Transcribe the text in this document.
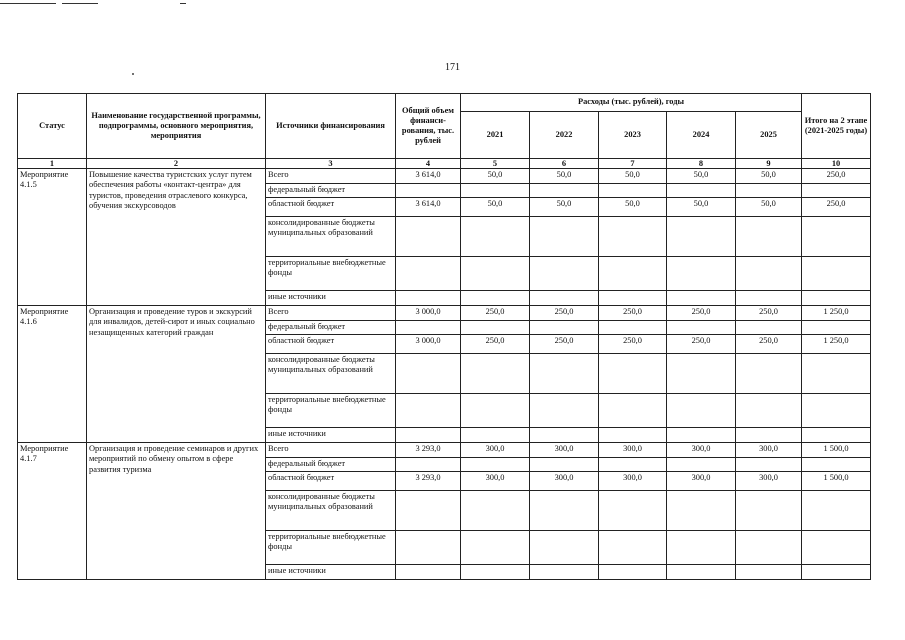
171
Статус	Наименование государственной программы, подпрограммы, основного мероприятия, мероприятия	Источники финансирования	Общий объем финанси-рования, тыс. рублей	Расходы (тыс. рублей), годы					Итого на 2 этапе (2021-2025 годы)
				2021	2022	2023	2024	2025	
1	2	3	4	5	6	7	8	9	10
Мероприятие 4.1.5	Повышение качества туристских услуг путем обеспечения работы «контакт-центра» для туристов, проведения отраслевого конкурса, обучения экскурсоводов	Всего	3 614,0	50,0	50,0	50,0	50,0	50,0	250,0
		федеральный бюджет							
		областной бюджет	3 614,0	50,0	50,0	50,0	50,0	50,0	250,0
		консолидированные бюджеты муниципальных образований							
		территориальные внебюджетные фонды							
		иные источники							
Мероприятие 4.1.6	Организация и проведение туров и экскурсий для инвалидов, детей-сирот и иных социально незащищенных категорий граждан	Всего	3 000,0	250,0	250,0	250,0	250,0	250,0	1 250,0
		федеральный бюджет							
		областной бюджет	3 000,0	250,0	250,0	250,0	250,0	250,0	1 250,0
		консолидированные бюджеты муниципальных образований							
		территориальные внебюджетные фонды							
		иные источники							
Мероприятие 4.1.7	Организация и проведение семинаров и других мероприятий по обмену опытом в сфере развития туризма	Всего	3 293,0	300,0	300,0	300,0	300,0	300,0	1 500,0
		федеральный бюджет							
		областной бюджет	3 293,0	300,0	300,0	300,0	300,0	300,0	1 500,0
		консолидированные бюджеты муниципальных образований							
		территориальные внебюджетные фонды							
		иные источники							
